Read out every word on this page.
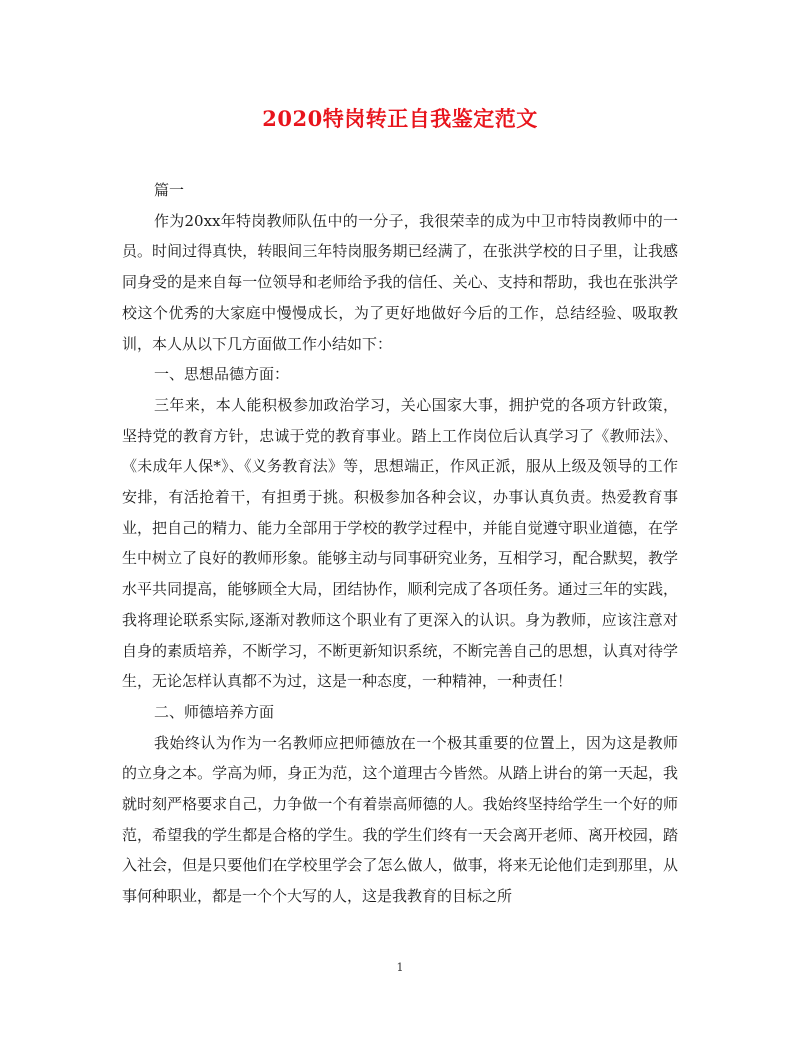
2020特岗转正自我鉴定范文

篇一

作为20xx年特岗教师队伍中的一分子，我很荣幸的成为中卫市特岗教师中的一员。时间过得真快，转眼间三年特岗服务期已经满了，在张洪学校的日子里，让我感同身受的是来自每一位领导和老师给予我的信任、关心、支持和帮助，我也在张洪学校这个优秀的大家庭中慢慢成长，为了更好地做好今后的工作，总结经验、吸取教训，本人从以下几方面做工作小结如下：

一、思想品德方面：

三年来，本人能积极参加政治学习，关心国家大事，拥护党的各项方针政策，坚持党的教育方针，忠诚于党的教育事业。踏上工作岗位后认真学习了《教师法》、《未成年人保*》、《义务教育法》等，思想端正，作风正派，服从上级及领导的工作安排，有活抢着干，有担勇于挑。积极参加各种会议，办事认真负责。热爱教育事业，把自己的精力、能力全部用于学校的教学过程中，并能自觉遵守职业道德，在学生中树立了良好的教师形象。能够主动与同事研究业务，互相学习，配合默契，教学水平共同提高，能够顾全大局，团结协作，顺利完成了各项任务。通过三年的实践，我将理论联系实际,逐渐对教师这个职业有了更深入的认识。身为教师，应该注意对自身的素质培养，不断学习，不断更新知识系统，不断完善自己的思想，认真对待学生，无论怎样认真都不为过，这是一种态度，一种精神，一种责任！

二、师德培养方面

我始终认为作为一名教师应把师德放在一个极其重要的位置上，因为这是教师的立身之本。学高为师，身正为范，这个道理古今皆然。从踏上讲台的第一天起，我就时刻严格要求自己，力争做一个有着崇高师德的人。我始终坚持给学生一个好的师范，希望我的学生都是合格的学生。我的学生们终有一天会离开老师、离开校园，踏入社会，但是只要他们在学校里学会了怎么做人，做事，将来无论他们走到那里，从事何种职业，都是一个个大写的人，这是我教育的目标之所

1
